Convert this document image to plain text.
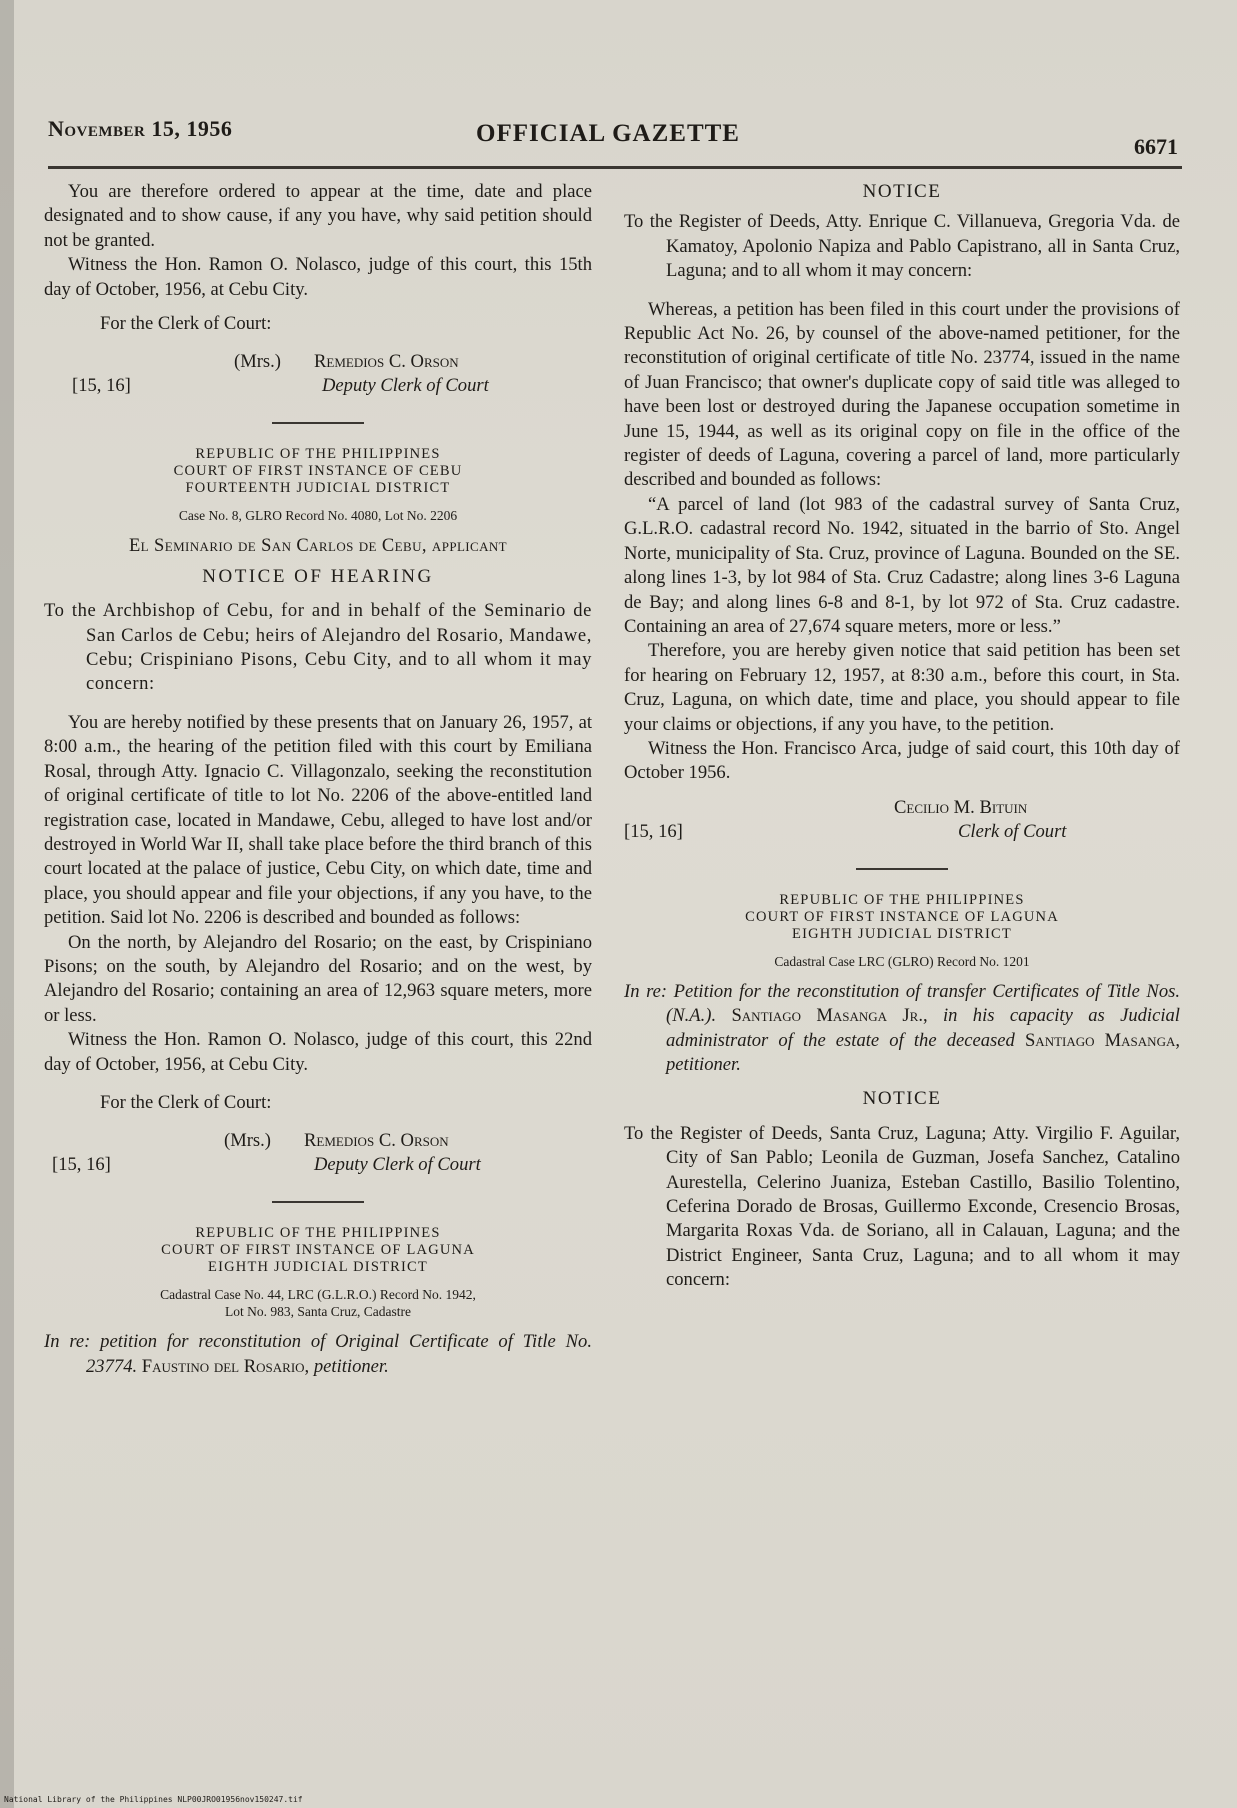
November 15, 1956	OFFICIAL GAZETTE	6671

You are therefore ordered to appear at the time, date and place designated and to show cause, if any you have, why said petition should not be granted.

Witness the Hon. Ramon O. Nolasco, judge of this court, this 15th day of October, 1956, at Cebu City.

For the Clerk of Court:

(Mrs.) Remedios C. Orson
[15, 16]	Deputy Clerk of Court

REPUBLIC OF THE PHILIPPINES

COURT OF FIRST INSTANCE OF CEBU

FOURTEENTH JUDICIAL DISTRICT

Case No. 8, GLRO Record No. 4080, Lot No. 2206

El Seminario de San Carlos de Cebu, applicant

NOTICE OF HEARING

To the Archbishop of Cebu, for and in behalf of the Seminario de San Carlos de Cebu; heirs of Alejandro del Rosario, Mandawe, Cebu; Crispiniano Pisons, Cebu City, and to all whom it may concern:

You are hereby notified by these presents that on January 26, 1957, at 8:00 a.m., the hearing of the petition filed with this court by Emiliana Rosal, through Atty. Ignacio C. Villagonzalo, seeking the reconstitution of original certificate of title to lot No. 2206 of the above-entitled land registration case, located in Mandawe, Cebu, alleged to have lost and/or destroyed in World War II, shall take place before the third branch of this court located at the palace of justice, Cebu City, on which date, time and place, you should appear and file your objections, if any you have, to the petition. Said lot No. 2206 is described and bounded as follows:

On the north, by Alejandro del Rosario; on the east, by Crispiniano Pisons; on the south, by Alejandro del Rosario; and on the west, by Alejandro del Rosario; containing an area of 12,963 square meters, more or less.

Witness the Hon. Ramon O. Nolasco, judge of this court, this 22nd day of October, 1956, at Cebu City.

For the Clerk of Court:

(Mrs.) Remedios C. Orson
[15, 16]	Deputy Clerk of Court

REPUBLIC OF THE PHILIPPINES

COURT OF FIRST INSTANCE OF LAGUNA

EIGHTH JUDICIAL DISTRICT

Cadastral Case No. 44, LRC (G.L.R.O.) Record No. 1942,

Lot No. 983, Santa Cruz, Cadastre

In re: petition for reconstitution of Original Certificate of Title No. 23774. Faustino del Rosario, petitioner.

NOTICE

To the Register of Deeds, Atty. Enrique C. Villanueva, Gregoria Vda. de Kamatoy, Apolonio Napiza and Pablo Capistrano, all in Santa Cruz, Laguna; and to all whom it may concern:

Whereas, a petition has been filed in this court under the provisions of Republic Act No. 26, by counsel of the above-named petitioner, for the reconstitution of original certificate of title No. 23774, issued in the name of Juan Francisco; that owner's duplicate copy of said title was alleged to have been lost or destroyed during the Japanese occupation sometime in June 15, 1944, as well as its original copy on file in the office of the register of deeds of Laguna, covering a parcel of land, more particularly described and bounded as follows:

“A parcel of land (lot 983 of the cadastral survey of Santa Cruz, G.L.R.O. cadastral record No. 1942, situated in the barrio of Sto. Angel Norte, municipality of Sta. Cruz, province of Laguna. Bounded on the SE. along lines 1-3, by lot 984 of Sta. Cruz Cadastre; along lines 3-6 Laguna de Bay; and along lines 6-8 and 8-1, by lot 972 of Sta. Cruz cadastre. Containing an area of 27,674 square meters, more or less.”

Therefore, you are hereby given notice that said petition has been set for hearing on February 12, 1957, at 8:30 a.m., before this court, in Sta. Cruz, Laguna, on which date, time and place, you should appear to file your claims or objections, if any you have, to the petition.

Witness the Hon. Francisco Arca, judge of said court, this 10th day of October 1956.

Cecilio M. Bituin
[15, 16]	Clerk of Court

REPUBLIC OF THE PHILIPPINES

COURT OF FIRST INSTANCE OF LAGUNA

EIGHTH JUDICIAL DISTRICT

Cadastral Case LRC (GLRO) Record No. 1201

In re: Petition for the reconstitution of transfer Certificates of Title Nos. (N.A.). Santiago Masanga Jr., in his capacity as Judicial administrator of the estate of the deceased Santiago Masanga, petitioner.

NOTICE

To the Register of Deeds, Santa Cruz, Laguna; Atty. Virgilio F. Aguilar, City of San Pablo; Leonila de Guzman, Josefa Sanchez, Catalino Aurestella, Celerino Juaniza, Esteban Castillo, Basilio Tolentino, Ceferina Dorado de Brosas, Guillermo Exconde, Cresencio Brosas, Margarita Roxas Vda. de Soriano, all in Calauan, Laguna; and the District Engineer, Santa Cruz, Laguna; and to all whom it may concern:

National Library of the Philippines NLP00JRO01956nov150247.tif
